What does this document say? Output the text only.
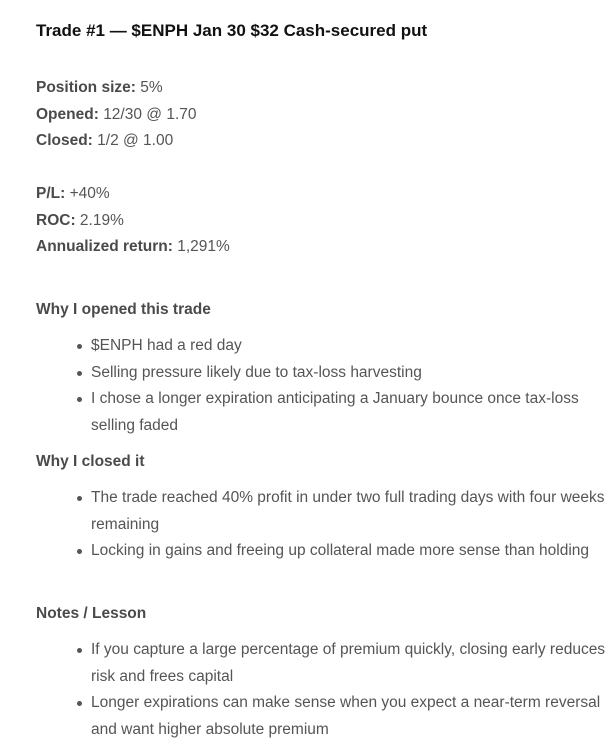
Trade #1 — $ENPH Jan 30 $32 Cash-secured put
Position size: 5%
Opened: 12/30 @ 1.70
Closed: 1/2 @ 1.00
P/L: +40%
ROC: 2.19%
Annualized return: 1,291%
Why I opened this trade
$ENPH had a red day
Selling pressure likely due to tax-loss harvesting
I chose a longer expiration anticipating a January bounce once tax-loss selling faded
Why I closed it
The trade reached 40% profit in under two full trading days with four weeks remaining
Locking in gains and freeing up collateral made more sense than holding
Notes / Lesson
If you capture a large percentage of premium quickly, closing early reduces risk and frees capital
Longer expirations can make sense when you expect a near-term reversal and want higher absolute premium
